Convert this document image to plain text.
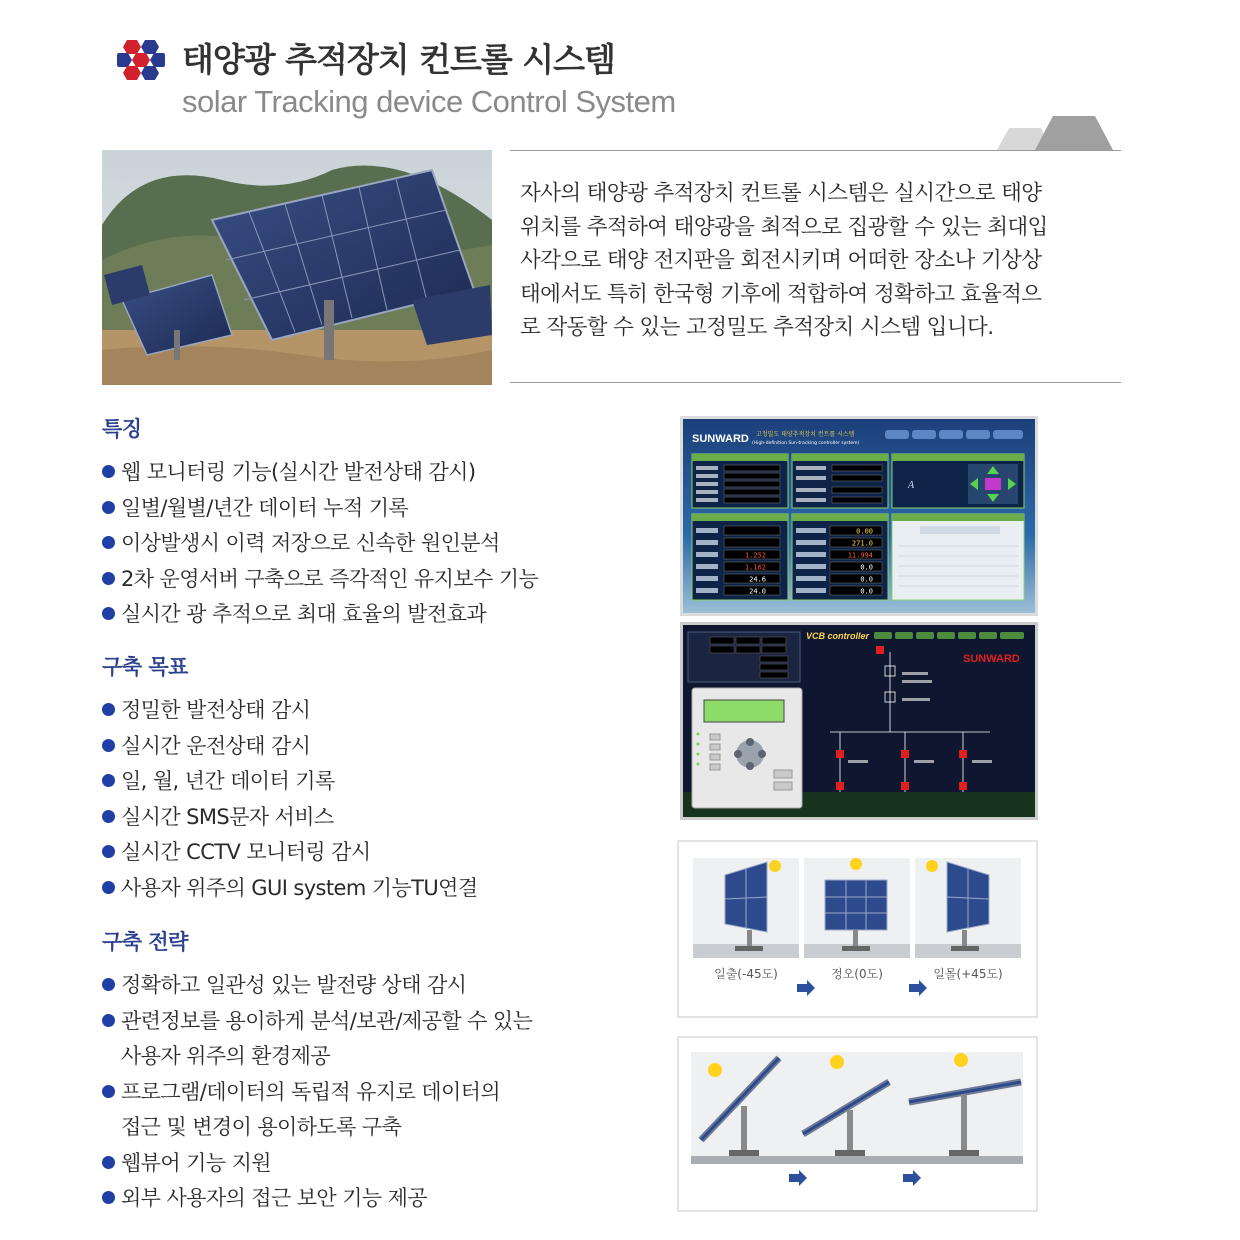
태양광 추적장치 컨트롤 시스템
solar Tracking device Control System
자사의 태양광 추적장치 컨트롤 시스템은 실시간으로 태양
위치를 추적하여 태양광을 최적으로 집광할 수 있는 최대입
사각으로 태양 전지판을 회전시키며 어떠한 장소나 기상상
태에서도 특히 한국형 기후에 적합하여 정확하고 효율적으
로 작동할 수 있는 고정밀도 추적장치 시스템 입니다.
특징
웹 모니터링 기능(실시간 발전상태 감시)
일별/월별/년간 데이터 누적 기록
이상발생시 이력 저장으로 신속한 원인분석
2차 운영서버 구축으로 즉각적인 유지보수 기능
실시간 광 추적으로 최대 효율의 발전효과
구축 목표
정밀한 발전상태 감시
실시간 운전상태 감시
일, 월, 년간 데이터 기록
실시간 SMS문자 서비스
실시간 CCTV 모니터링 감시
사용자 위주의 GUI system 기능TU연결
구축 전략
정확하고 일관성 있는 발전량 상태 감시
관련정보를 용이하게 분석/보관/제공할 수 있는
사용자 위주의 환경제공
프로그램/데이터의 독립적 유지로 데이터의
접근 및 변경이 용이하도록 구축
웹뷰어 기능 지원
외부 사용자의 접근 보안 기능 제공
SUNWARD 고정밀도 태양추적장치 컨트롤 시스템
(High-definition Sun-tracking controller system)
A
0.00
271.0
1.252	11.994
1.162	0.0
24.6	0.0
24.0	0.0
VCB controller
SUNWARD
일출(-45도)	정오(0도)	일몰(+45도)
